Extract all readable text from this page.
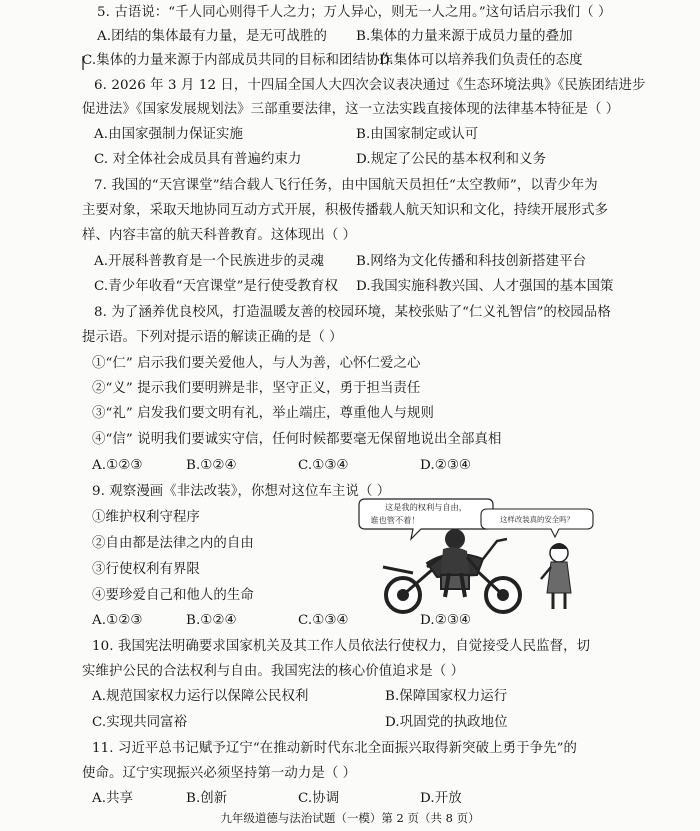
5. 古语说：“千人同心则得千人之力；万人异心，则无一人之用。”这句话启示我们（ ）
A.团结的集体最有力量，是无可战胜的 B.集体的力量来源于成员力量的叠加
C.集体的力量来源于内部成员共同的目标和团结协作
D.集体可以培养我们负责任的态度
6. 2026 年 3 月 12 日，十四届全国人大四次会议表决通过《生态环境法典》《民族团结进步
促进法》《国家发展规划法》三部重要法律，这一立法实践直接体现的法律基本特征是（ ）
A.由国家强制力保证实施	B.由国家制定或认可
C. 对全体社会成员具有普遍约束力	D.规定了公民的基本权利和义务
7. 我国的“天宫课堂”结合载人飞行任务，由中国航天员担任“太空教师”，以青少年为
主要对象，采取天地协同互动方式开展，积极传播载人航天知识和文化，持续开展形式多
样、内容丰富的航天科普教育。这体现出（ ）
A.开展科普教育是一个民族进步的灵魂 B.网络为文化传播和科技创新搭建平台
C.青少年收看“天宫课堂”是行使受教育权 D.我国实施科教兴国、人才强国的基本国策
8. 为了涵养优良校风，打造温暖友善的校园环境，某校张贴了“仁义礼智信”的校园品格
提示语。下列对提示语的解读正确的是（ ）
①“仁” 启示我们要关爱他人，与人为善，心怀仁爱之心
②“义” 提示我们要明辨是非，坚守正义，勇于担当责任
③“礼” 启发我们要文明有礼，举止端庄，尊重他人与规则
④“信” 说明我们要诚实守信，任何时候都要毫无保留地说出全部真相
A.①②③	B.①②④	C.①③④	D.②③④
9. 观察漫画《非法改装》，你想对这位车主说（ ）
①维护权利守程序
②自由都是法律之内的自由
③行使权利有界限
④要珍爱自己和他人的生命
A.①②③	B.①②④	C.①③④	D.②③④
这是我的权利与自由，
谁也管不着！	这样改装真的安全吗？
10. 我国宪法明确要求国家机关及其工作人员依法行使权力，自觉接受人民监督，切
实维护公民的合法权利与自由。我国宪法的核心价值追求是（ ）
A.规范国家权力运行以保障公民权利	B.保障国家权力运行
C.实现共同富裕	D.巩固党的执政地位
11. 习近平总书记赋予辽宁“在推动新时代东北全面振兴取得新突破上勇于争先”的
使命。辽宁实现振兴必须坚持第一动力是（ ）
A.共享	B.创新	C.协调	D.开放
九年级道德与法治试题（一模）第 2 页（共 8 页）
